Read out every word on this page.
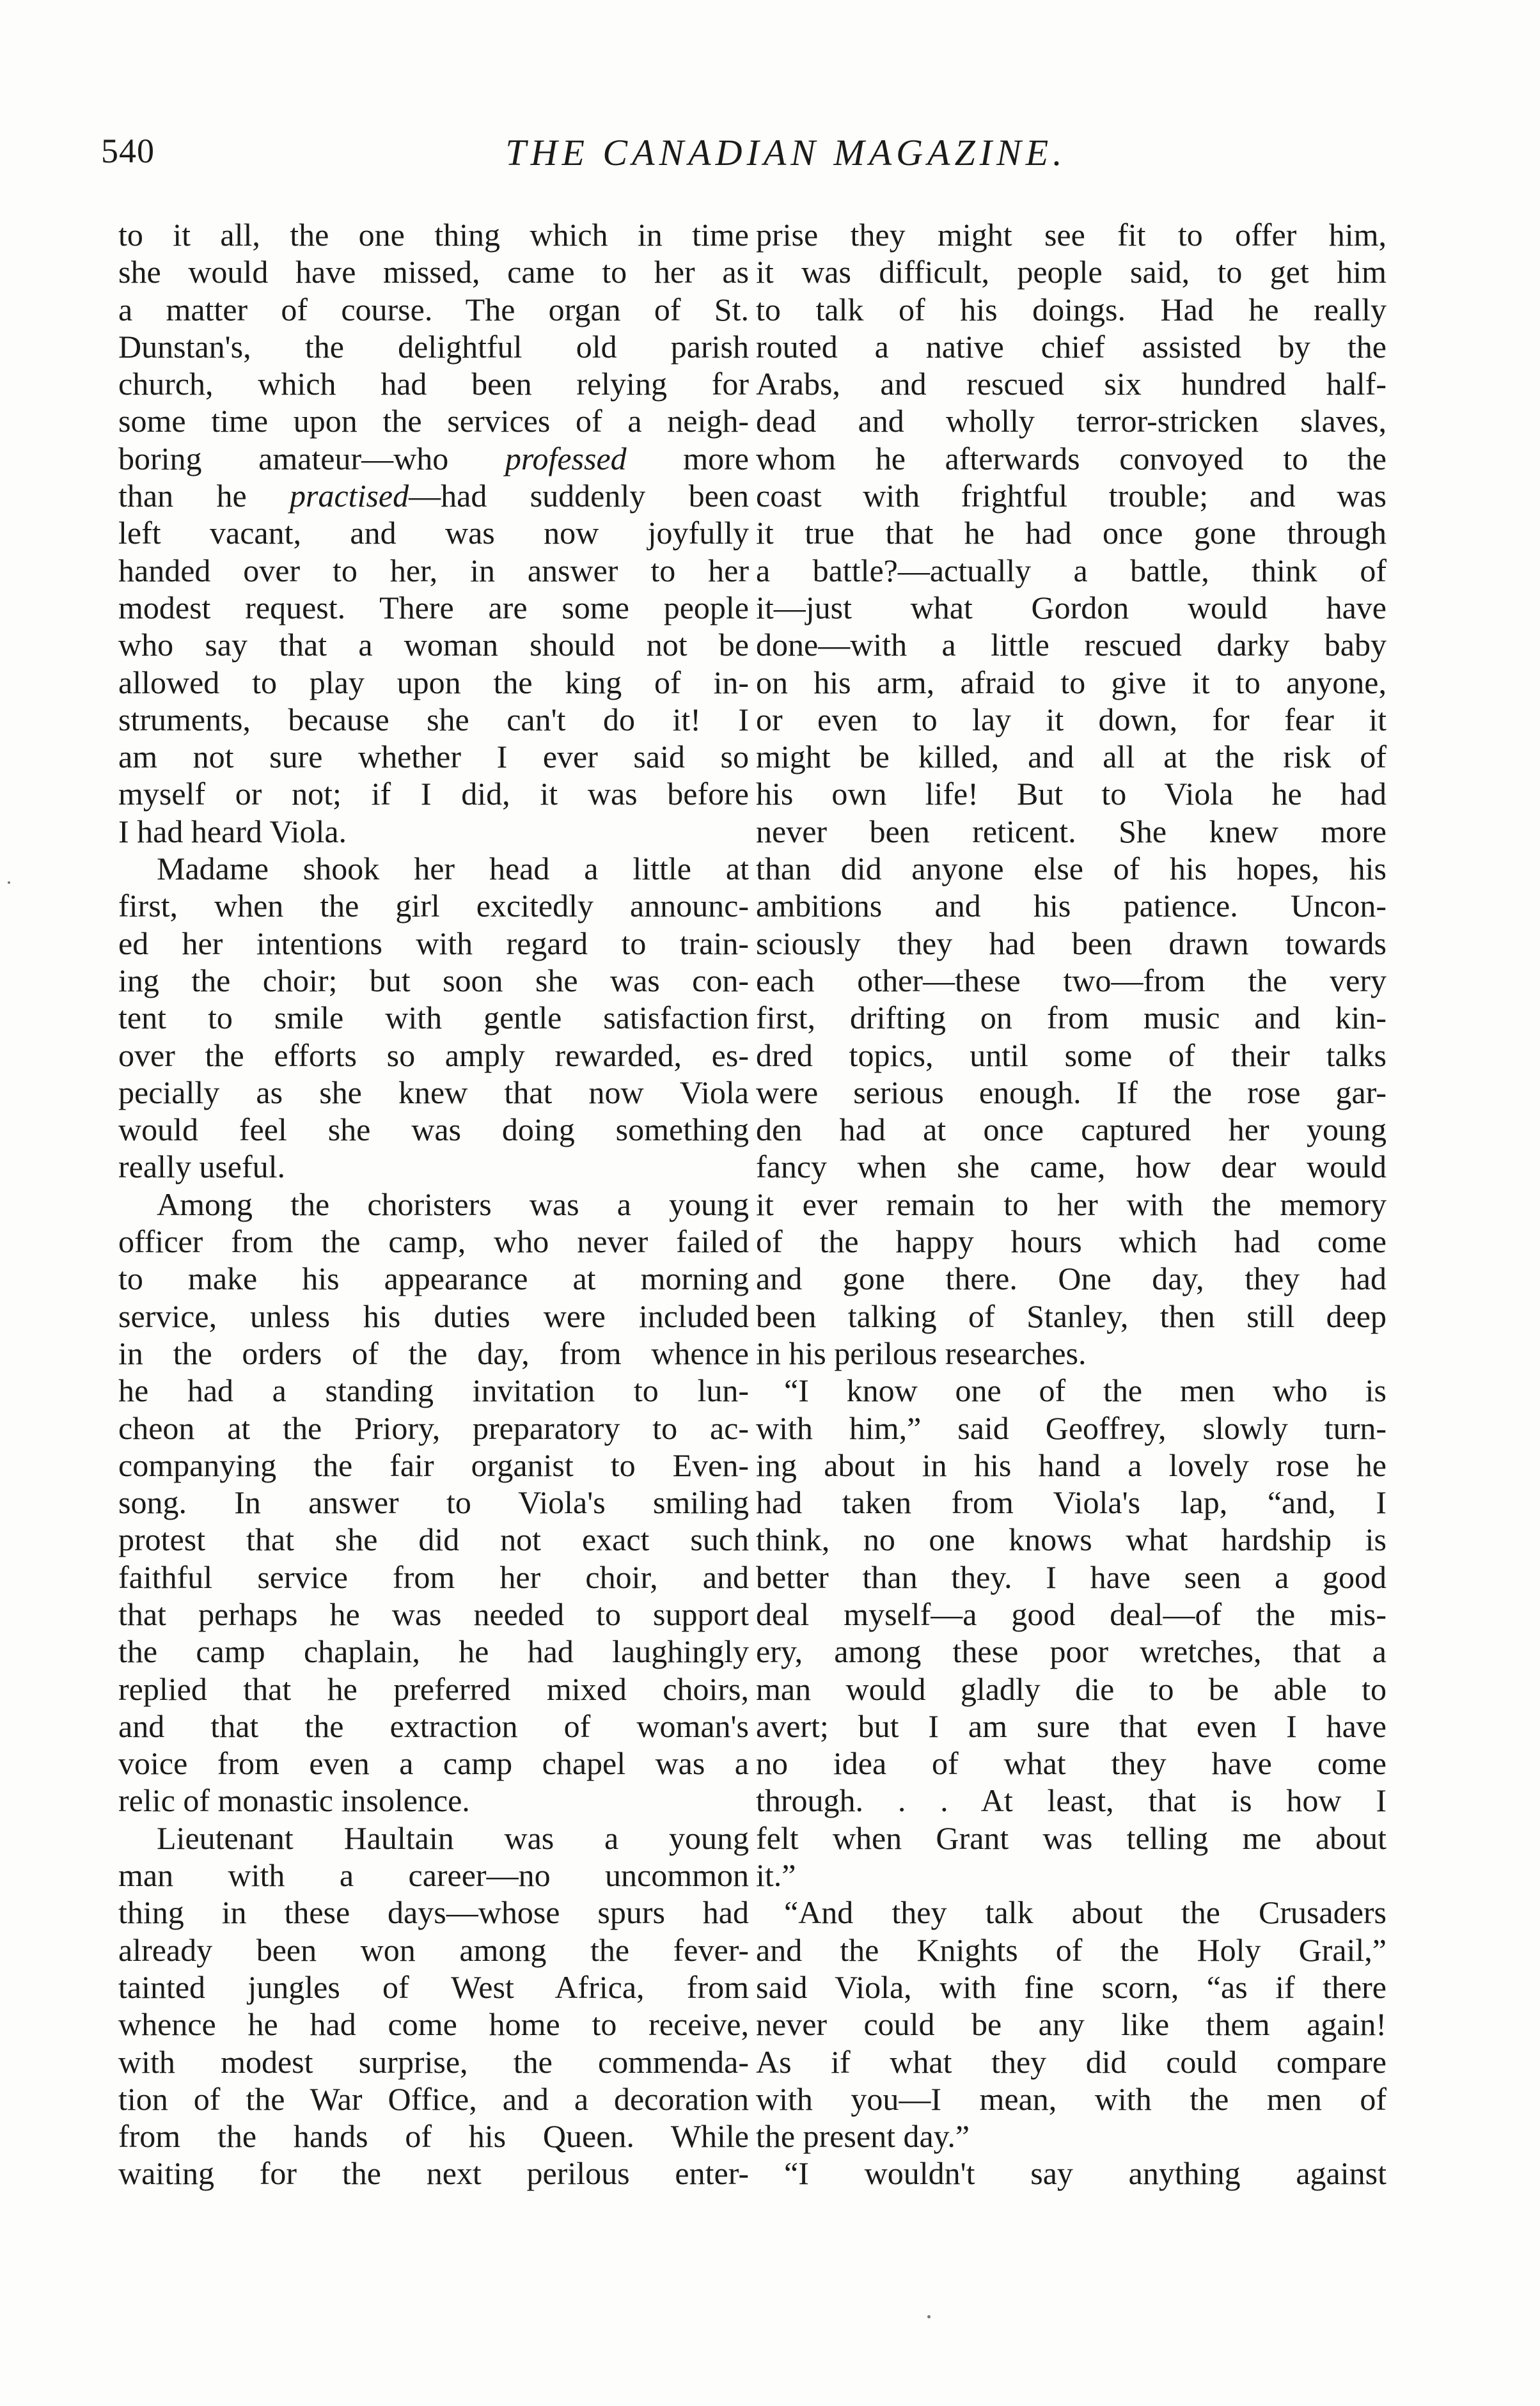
540	THE CANADIAN MAGAZINE.
to it all, the one thing which in time
she would have missed, came to her as
a matter of course. The organ of St.
Dunstan's, the delightful old parish
church, which had been relying for
some time upon the services of a neigh-
boring amateur—who professed more
than he practised—had suddenly been
left vacant, and was now joyfully
handed over to her, in answer to her
modest request. There are some people
who say that a woman should not be
allowed to play upon the king of in-
struments, because she can't do it! I
am not sure whether I ever said so
myself or not; if I did, it was before
I had heard Viola.
Madame shook her head a little at
first, when the girl excitedly announc-
ed her intentions with regard to train-
ing the choir; but soon she was con-
tent to smile with gentle satisfaction
over the efforts so amply rewarded, es-
pecially as she knew that now Viola
would feel she was doing something
really useful.
Among the choristers was a young
officer from the camp, who never failed
to make his appearance at morning
service, unless his duties were included
in the orders of the day, from whence
he had a standing invitation to lun-
cheon at the Priory, preparatory to ac-
companying the fair organist to Even-
song. In answer to Viola's smiling
protest that she did not exact such
faithful service from her choir, and
that perhaps he was needed to support
the camp chaplain, he had laughingly
replied that he preferred mixed choirs,
and that the extraction of woman's
voice from even a camp chapel was a
relic of monastic insolence.
Lieutenant Haultain was a young
man with a career—no uncommon
thing in these days—whose spurs had
already been won among the fever-
tainted jungles of West Africa, from
whence he had come home to receive,
with modest surprise, the commenda-
tion of the War Office, and a decoration
from the hands of his Queen. While
waiting for the next perilous enter-
prise they might see fit to offer him,
it was difficult, people said, to get him
to talk of his doings. Had he really
routed a native chief assisted by the
Arabs, and rescued six hundred half-
dead and wholly terror-stricken slaves,
whom he afterwards convoyed to the
coast with frightful trouble; and was
it true that he had once gone through
a battle?—actually a battle, think of
it—just what Gordon would have
done—with a little rescued darky baby
on his arm, afraid to give it to anyone,
or even to lay it down, for fear it
might be killed, and all at the risk of
his own life! But to Viola he had
never been reticent. She knew more
than did anyone else of his hopes, his
ambitions and his patience. Uncon-
sciously they had been drawn towards
each other—these two—from the very
first, drifting on from music and kin-
dred topics, until some of their talks
were serious enough. If the rose gar-
den had at once captured her young
fancy when she came, how dear would
it ever remain to her with the memory
of the happy hours which had come
and gone there. One day, they had
been talking of Stanley, then still deep
in his perilous researches.
“I know one of the men who is
with him,” said Geoffrey, slowly turn-
ing about in his hand a lovely rose he
had taken from Viola's lap, “and, I
think, no one knows what hardship is
better than they. I have seen a good
deal myself—a good deal—of the mis-
ery, among these poor wretches, that a
man would gladly die to be able to
avert; but I am sure that even I have
no idea of what they have come
through. . . At least, that is how I
felt when Grant was telling me about
it.”
“And they talk about the Crusaders
and the Knights of the Holy Grail,”
said Viola, with fine scorn, “as if there
never could be any like them again!
As if what they did could compare
with you—I mean, with the men of
the present day.”
“I wouldn't say anything against
